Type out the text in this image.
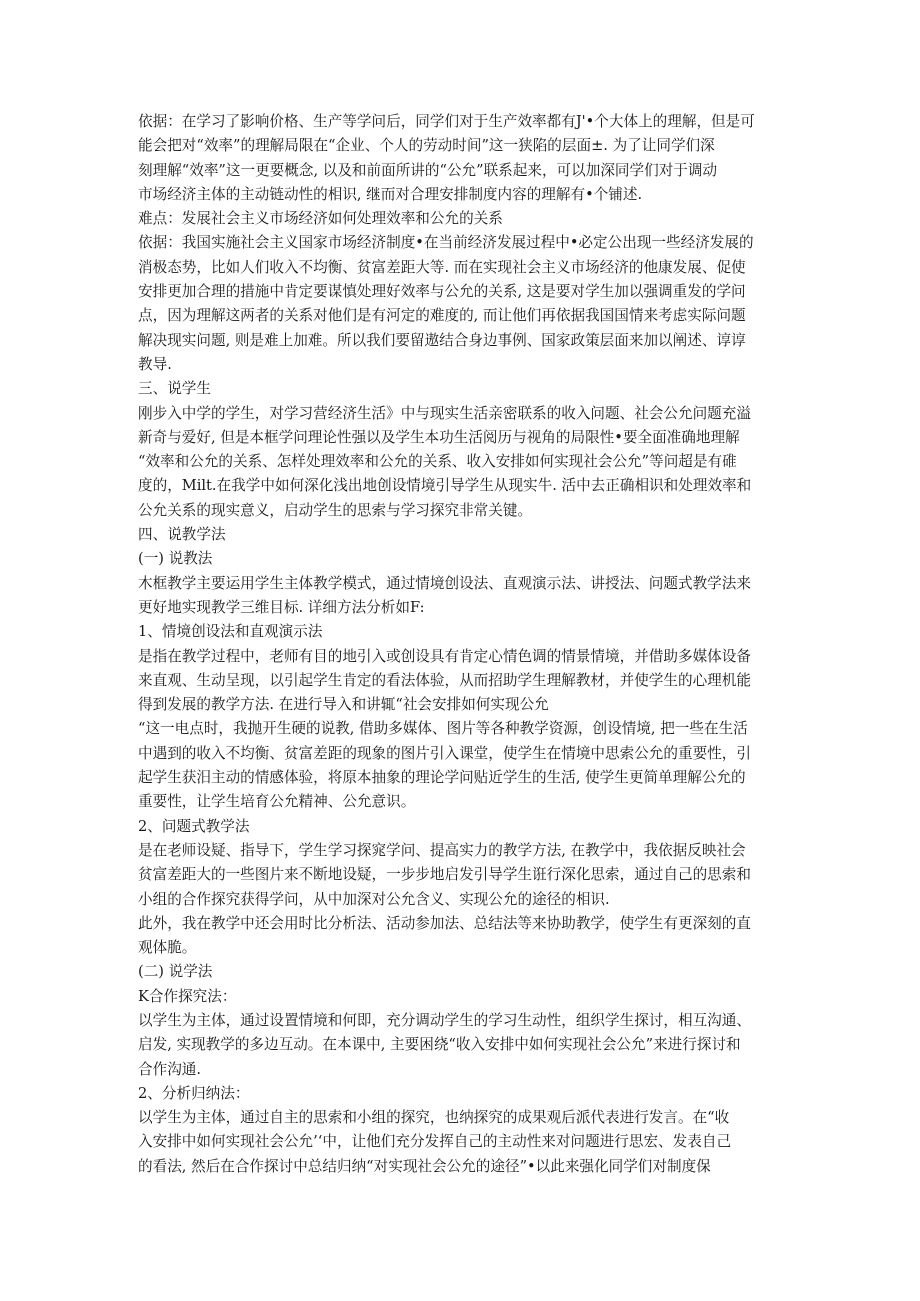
依据：在学习了影响价格、生产等学问后，同学们对于生产效率都有J'•个大体上的理解，但是可
能会把对“效率”的理解局限在“企业、个人的劳动时间”这一狭陷的层面±. 为了让同学们深
刻理解“效率”这一更要概念, 以及和前面所讲的“公允”联系起来，可以加深同学们对于调动
市场经济主体的主动链动性的相识, 继而对合理安排制度内容的理解有•个铺述.
难点：发展社会主义市场经济如何处理效率和公允的关系
依据：我国实施社会主义国家市场经济制度•在当前经济发展过程中•必定公出现一些经济发展的
消极态势，比如人们收入不均衡、贫富差距大等. 而在实现社会主义市场经济的他康发展、促使
安排更加合理的措施中肯定要谋慎处理好效率与公允的关系, 这是要对学生加以强调重发的学问
点，因为理解这两者的关系对他们是有河定的难度的, 而让他们再依据我国国情来考虑实际问题
解决现实问题, 则是难上加难。所以我们要留遨结合身边事例、国家政策层面来加以阐述、谆谆
教导.
三、说学生
刚步入中学的学生，对学习营经济生活》中与现实生活亲密联系的收入问题、社会公允问题充溢
新奇与爱好, 但是本框学问理论性强以及学生本功生活阅历与视角的局限性•要全面准确地理解
“效率和公允的关系、怎样处理效率和公允的关系、收入安排如何实现社会公允”等问超是有碓
度的，Milt.在我学中如何深化浅出地创设情境引导学生从现实牛. 活中去正确相识和处理效率和
公允关系的现实意义，启动学生的思索与学习探究非常关键。
四、说教学法
(一) 说教法
木框教学主要运用学生主体教学模式，通过情境创设法、直观演示法、讲授法、问题式教学法来
更好地实现教学三维目标. 详细方法分析如F:
1、情境创设法和直观演示法
是指在教学过程中，老师有目的地引入或创设具有肯定心情色调的情景情境，并借助多媒体设备
来直观、生动呈现，以引起学生肯定的看法体验，从而招助学生理解教材，并使学生的心理机能
得到发展的教学方法. 在进行导入和讲辄“社会安排如何实现公允
“这一电点时，我抛开生硬的说教, 借助多媒体、图片等各种教学资源，创设情境, 把一些在生活
中遇到的收入不均衡、贫富差距的现象的图片引入课堂，使学生在情境中思索公允的重要性，引
起学生获汨主动的情感体验，将原本抽象的理论学问贴近学生的生活, 使学生更简单理解公允的
重要性，让学生培育公允精神、公允意识。
2、问题式教学法
是在老师设疑、指导下，学生学习探窕学问、提高实力的教学方法, 在教学中，我依据反映社会
贫富差距大的一些图片来不断地设疑，一步步地启发引导学生诳行深化思索，通过自己的思索和
小组的合作探究获得学问，从中加深对公允含义、实现公允的途径的相识.
此外，我在教学中还会用时比分析法、活动参加法、总结法等来协助教学，使学生有更深刻的直
观体脆。
(二) 说学法
K合作探究法：
以学生为主体，通过设置情境和何即，充分调动学生的学习生动性，组织学生探讨，相互沟通、
启发, 实现教学的多边互动。在本课中, 主要困绕“收入安排中如何实现社会公允”来进行探讨和
合作沟通.
2、分析归纳法：
以学生为主体，通过自主的思索和小组的探究，也纳探究的成果观后派代表进行发言。在“收
入安排中如何实现社会公允’‘中，让他们充分发挥自己的主动性来对问题进行思宏、发表自己
的看法, 然后在合作探讨中总结归纳“对实现社会公允的途径”•以此来强化同学们对制度保
